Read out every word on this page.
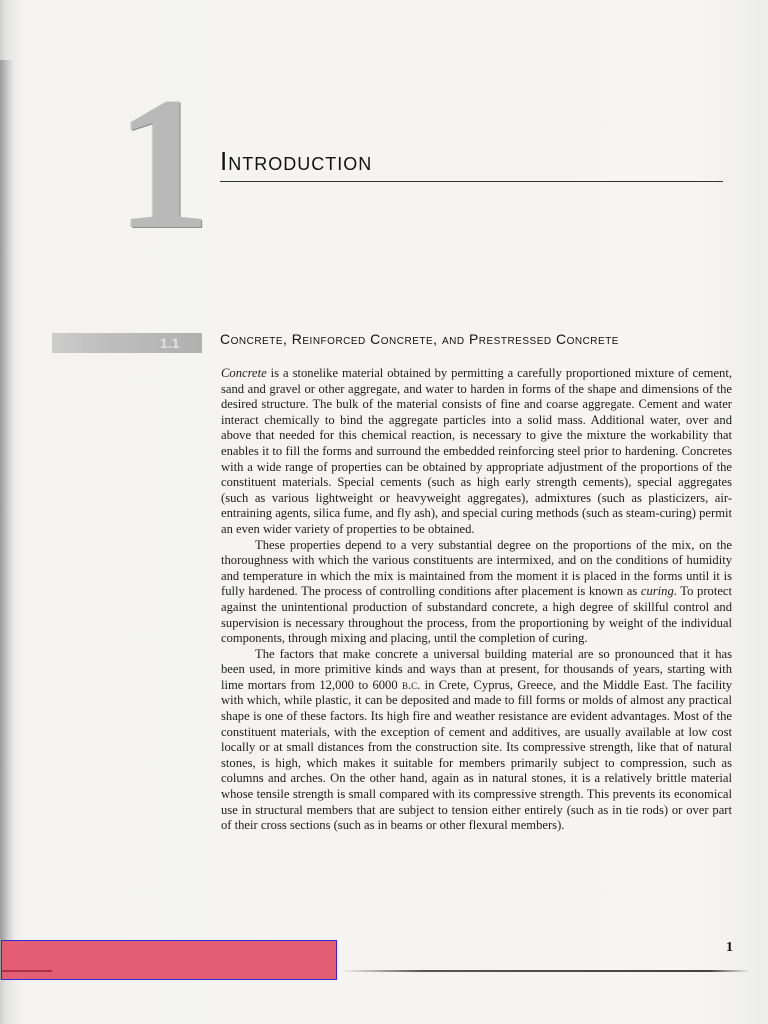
1 Introduction
1.1	Concrete, Reinforced Concrete, and Prestressed Concrete

Concrete is a stonelike material obtained by permitting a carefully proportioned mixture of cement, sand and gravel or other aggregate, and water to harden in forms of the shape and dimensions of the desired structure. The bulk of the material consists of fine and coarse aggregate. Cement and water interact chemically to bind the aggregate particles into a solid mass. Additional water, over and above that needed for this chemical reaction, is necessary to give the mixture the workability that enables it to fill the forms and surround the embedded reinforcing steel prior to hardening. Concretes with a wide range of properties can be obtained by appropriate adjustment of the proportions of the constituent materials. Special cements (such as high early strength cements), special aggregates (such as various lightweight or heavyweight aggregates), admixtures (such as plasticizers, air-entraining agents, silica fume, and fly ash), and special curing methods (such as steam-curing) permit an even wider variety of properties to be obtained.

These properties depend to a very substantial degree on the proportions of the mix, on the thoroughness with which the various constituents are intermixed, and on the conditions of humidity and temperature in which the mix is maintained from the moment it is placed in the forms until it is fully hardened. The process of controlling conditions after placement is known as curing. To protect against the unintentional production of substandard concrete, a high degree of skillful control and supervision is necessary throughout the process, from the proportioning by weight of the individual components, through mixing and placing, until the completion of curing.

The factors that make concrete a universal building material are so pronounced that it has been used, in more primitive kinds and ways than at present, for thousands of years, starting with lime mortars from 12,000 to 6000 b.c. in Crete, Cyprus, Greece, and the Middle East. The facility with which, while plastic, it can be deposited and made to fill forms or molds of almost any practical shape is one of these factors. Its high fire and weather resistance are evident advantages. Most of the constituent materials, with the exception of cement and additives, are usually available at low cost locally or at small distances from the construction site. Its compressive strength, like that of natural stones, is high, which makes it suitable for members primarily subject to compression, such as columns and arches. On the other hand, again as in natural stones, it is a relatively brittle material whose tensile strength is small compared with its compressive strength. This prevents its economical use in structural members that are subject to tension either entirely (such as in tie rods) or over part of their cross sections (such as in beams or other flexural members).

1
